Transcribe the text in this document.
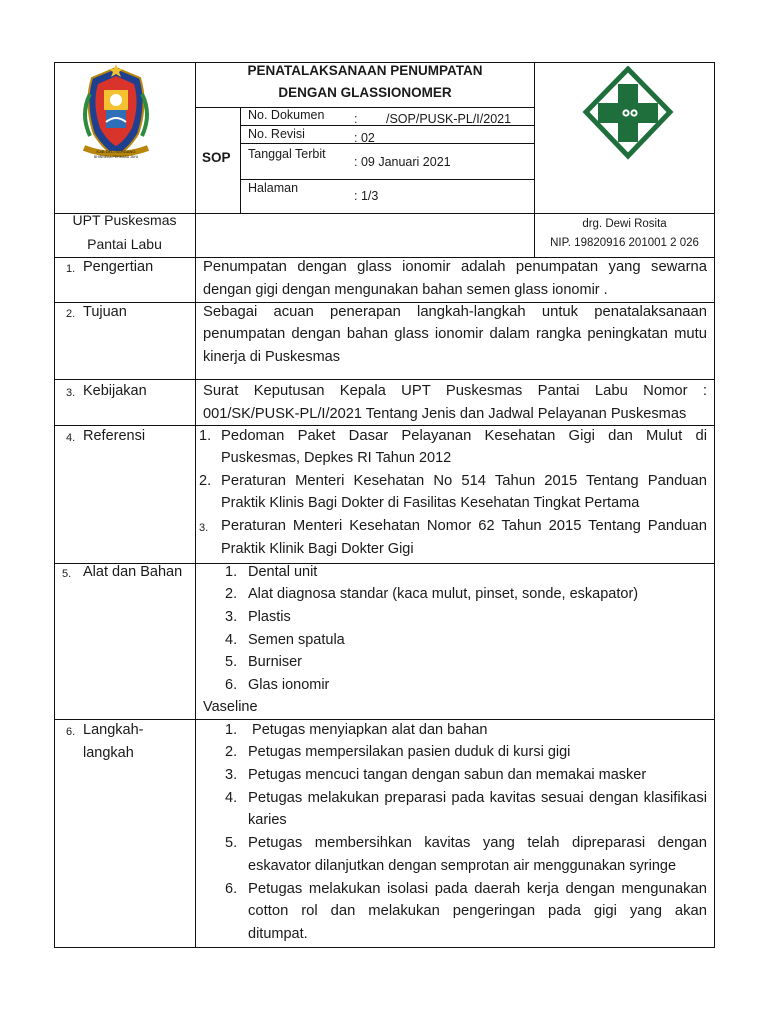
KAB DELI SERDANG
BHINNEKA PERKASA JAYA
PENATALAKSANAAN PENUMPATAN
DENGAN GLASSIONOMER
SOP
No. Dokumen : /SOP/PUSK-PL/I/2021
No. Revisi	: 02
Tanggal Terbit
: 09 Januari 2021
Halaman
: 1/3
UPT Puskesmas
Pantai Labu
drg. Dewi Rosita
NIP. 19820916 201001 2 026
1. Pengertian	Penumpatan dengan glass ionomir adalah penumpatan yang sewarna
dengan gigi dengan mengunakan bahan semen glass ionomir .
2. Tujuan	Sebagai acuan penerapan langkah-langkah untuk penatalaksanaan
penumpatan dengan bahan glass ionomir dalam rangka peningkatan mutu
kinerja di Puskesmas
3. Kebijakan	Surat Keputusan Kepala UPT Puskesmas Pantai Labu Nomor :
001/SK/PUSK-PL/I/2021 Tentang Jenis dan Jadwal Pelayanan Puskesmas
4. Referensi	1. Pedoman Paket Dasar Pelayanan Kesehatan Gigi dan Mulut di
Puskesmas, Depkes RI Tahun 2012
2. Peraturan Menteri Kesehatan No 514 Tahun 2015 Tentang Panduan
Praktik Klinis Bagi Dokter di Fasilitas Kesehatan Tingkat Pertama
3. Peraturan Menteri Kesehatan Nomor 62 Tahun 2015 Tentang Panduan
Praktik Klinik Bagi Dokter Gigi
5. Alat dan Bahan	1. Dental unit
2. Alat diagnosa standar (kaca mulut, pinset, sonde, eskapator)
3. Plastis
4. Semen spatula
5. Burniser
6. Glas ionomir
Vaseline
6. Langkah-
langkah
1. Petugas menyiapkan alat dan bahan
2. Petugas mempersilakan pasien duduk di kursi gigi
3. Petugas mencuci tangan dengan sabun dan memakai masker
4. Petugas melakukan preparasi pada kavitas sesuai dengan klasifikasi
karies
5. Petugas membersihkan kavitas yang telah dipreparasi dengan
eskavator dilanjutkan dengan semprotan air menggunakan syringe
6. Petugas melakukan isolasi pada daerah kerja dengan mengunakan
cotton rol dan melakukan pengeringan pada gigi yang akan
ditumpat.
